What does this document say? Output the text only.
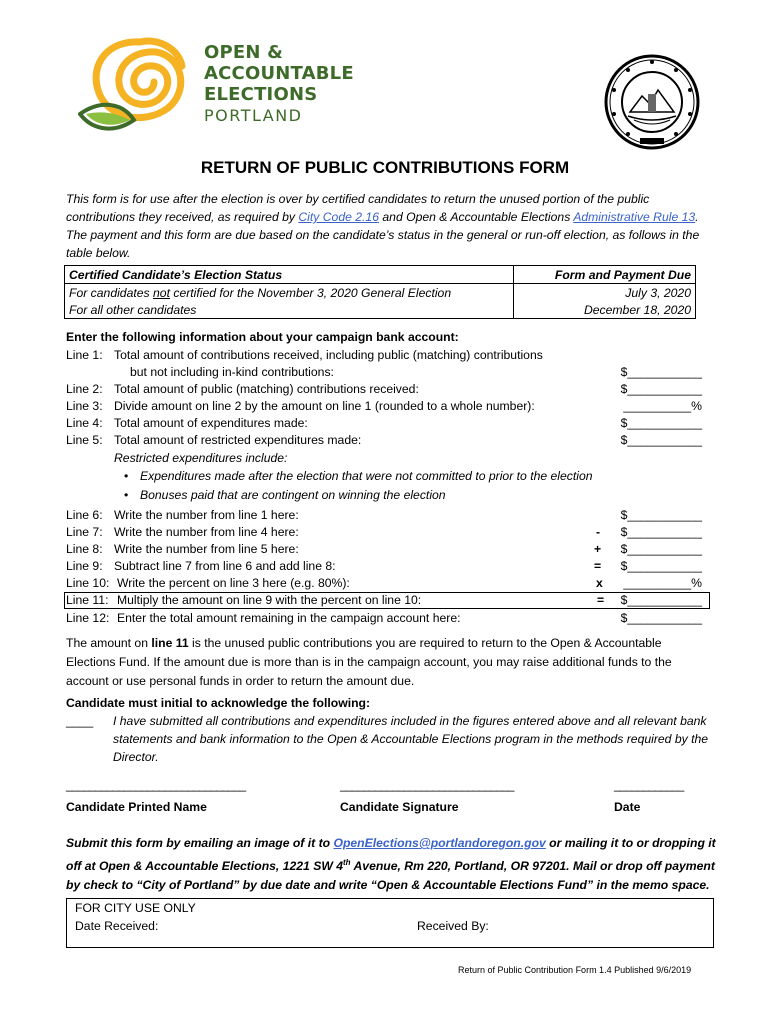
OPEN &
ACCOUNTABLE
ELECTIONS
PORTLAND
RETURN OF PUBLIC CONTRIBUTIONS FORM
This form is for use after the election is over by certified candidates to return the unused portion of the public contributions they received, as required by City Code 2.16 and Open & Accountable Elections Administrative Rule 13. The payment and this form are due based on the candidate’s status in the general or run-off election, as follows in the table below.
Certified Candidate’s Election Status	Form and Payment Due
For candidates not certified for the November 3, 2020 General Election	July 3, 2020
For all other candidates	December 18, 2020
Enter the following information about your campaign bank account:
Line 1: Total amount of contributions received, including public (matching) contributions
but not including in-kind contributions:	$___________
Line 2: Total amount of public (matching) contributions received:	$___________
Line 3: Divide amount on line 2 by the amount on line 1 (rounded to a whole number):	__________%
Line 4: Total amount of expenditures made:	$___________
Line 5: Total amount of restricted expenditures made:	$___________
Restricted expenditures include:
• Expenditures made after the election that were not committed to prior to the election
• Bonuses paid that are contingent on winning the election
Line 6: Write the number from line 1 here:	$___________
Line 7: Write the number from line 4 here:	- $___________
Line 8: Write the number from line 5 here:	+ $___________
Line 9: Subtract line 7 from line 6 and add line 8:	= $___________
Line 10: Write the percent on line 3 here (e.g. 80%):	x __________%
Line 11: Multiply the amount on line 9 with the percent on line 10:	= $___________
Line 12: Enter the total amount remaining in the campaign account here:	$___________
The amount on line 11 is the unused public contributions you are required to return to the Open & Accountable Elections Fund. If the amount due is more than is in the campaign account, you may raise additional funds to the account or use personal funds in order to return the amount due.
Candidate must initial to acknowledge the following:
____ I have submitted all contributions and expenditures included in the figures entered above and all relevant bank statements and bank information to the Open & Accountable Elections program in the methods required by the Director.
_______________________________	______________________________	____________
Candidate Printed Name	Candidate Signature	Date
Submit this form by emailing an image of it to OpenElections@portlandoregon.gov or mailing it to or dropping it off at Open & Accountable Elections, 1221 SW 4th Avenue, Rm 220, Portland, OR 97201. Mail or drop off payment by check to “City of Portland” by due date and write “Open & Accountable Elections Fund” in the memo space.
FOR CITY USE ONLY
Date Received:	Received By:
Return of Public Contribution Form 1.4 Published 9/6/2019
